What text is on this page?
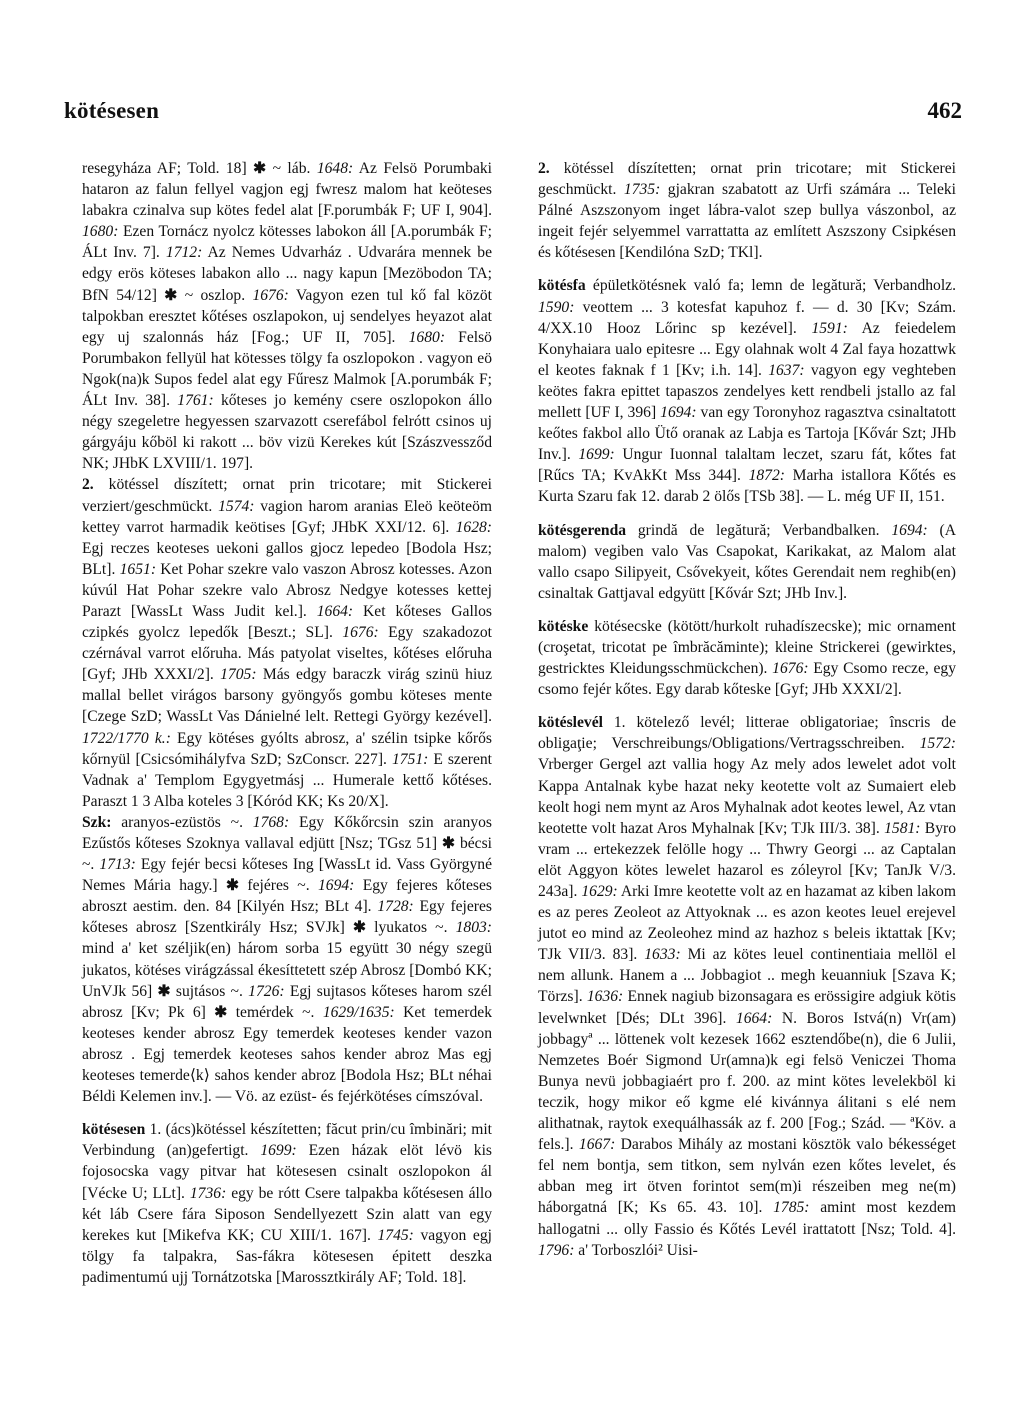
kötésesen	462

resegyháza AF; Told. 18] ✱ ~ láb. 1648: Az Felsö Porumbaki hataron az falun fellyel vagjon egj fwresz malom hat keöteses labakra czinalva sup kötes fedel alat [F.porumbák F; UF I, 904]. 1680: Ezen Tornácz nyolcz kötesses labokon áll [A.porumbák F; ÁLt Inv. 7]. 1712: Az Nemes Udvarház . Udvarára mennek be edgy erös köteses labakon allo ... nagy kapun [Mezöbodon TA; BfN 54/12] ✱ ~ oszlop. 1676: Vagyon ezen tul kő fal közöt talpokban eresztet kőtéses oszlapokon, uj sendelyes heyazot alat egy uj szalonnás ház [Fog.; UF II, 705]. 1680: Felsö Porumbakon fellyül hat kötesses tölgy fa oszlopokon . vagyon eö Ngok(na)k Supos fedel alat egy Fűresz Malmok [A.porumbák F; ÁLt Inv. 38]. 1761: kőteses jo kemény csere oszlopokon állo négy szegeletre hegyessen szarvazott cserefábol felrótt csinos uj gárgyáju kőböl ki rakott ... böv vizü Kerekes kút [Szászvessződ NK; JHbK LXVIII/1. 197].

2. kötéssel díszített; ornat prin tricotare; mit Stickerei verziert/geschmückt. 1574: vagion harom aranias Eleö keöteöm kettey varrot harmadik keötises [Gyf; JHbK XXI/12. 6]. 1628: Egj reczes keoteses uekoni gallos gjocz lepedeo [Bodola Hsz; BLt]. 1651: Ket Pohar szekre valo vaszon Abrosz kotesses. Azon kúvúl Hat Pohar szekre valo Abrosz Nedgye kotesses kettej Parazt [WassLt Wass Judit kel.]. 1664: Ket kőteses Gallos czipkés gyolcz lepedők [Beszt.; SL]. 1676: Egy szakadozot czérnával varrot előruha. Más patyolat viseltes, kőtéses előruha [Gyf; JHb XXXI/2]. 1705: Más edgy baraczk virág szinü hiuz mallal bellet virágos barsony gyöngyős gombu köteses mente [Czege SzD; WassLt Vas Dánielné lelt. Rettegi György kezével]. 1722/1770 k.: Egy kötéses gyólts abrosz, a' szélin tsipke kőrős kőrnyül [Csicsómihályfva SzD; SzConscr. 227]. 1751: E szerent Vadnak a' Templom Egygyetmásj ... Humerale kettő kőtéses. Paraszt 1 3 Alba koteles 3 [Kóród KK; Ks 20/X].

Szk: aranyos-ezüstös ~. 1768: Egy Kőkőrcsin szin aranyos Ezűstős kőteses Szoknya vallaval edjütt [Nsz; TGsz 51] ✱ bécsi ~. 1713: Egy fejér becsi kőteses Ing [WassLt id. Vass Györgyné Nemes Mária hagy.] ✱ fejéres ~. 1694: Egy fejeres kőteses abroszt aestim. den. 84 [Kilyén Hsz; BLt 4]. 1728: Egy fejeres kőteses abrosz [Szentkirály Hsz; SVJk] ✱ lyukatos ~. 1803: mind a' ket széljik(en) három sorba 15 együtt 30 négy szegü jukatos, kötéses virágzással ékesíttetett szép Abrosz [Dombó KK; UnVJk 56] ✱ sujtásos ~. 1726: Egj sujtasos kőteses harom szél abrosz [Kv; Pk 6] ✱ temérdek ~. 1629/1635: Ket temerdek keoteses kender abrosz Egy temerdek keoteses kender vazon abrosz . Egj temerdek keoteses sahos kender abroz Mas egj keoteses temerde⟨k⟩ sahos kender abroz [Bodola Hsz; BLt néhai Béldi Kelemen inv.]. — Vö. az ezüst- és fejérkötéses címszóval.

kötésesen 1. (ács)kötéssel készítetten; făcut prin/cu îmbinări; mit Verbindung (an)gefertigt. 1699: Ezen házak elöt lévö kis fojosocska vagy pitvar hat kötesesen csinalt oszlopokon ál [Vécke U; LLt]. 1736: egy be rótt Csere talpakba kőtésesen állo két láb Csere fára Siposon Sendellyezett Szin alatt van egy kerekes kut [Mikefva KK; CU XIII/1. 167]. 1745: vagyon egj tölgy fa talpakra, Sas-fákra kötesesen épitett deszka padimentumú ujj Tornátzotska [Marossztkirály AF; Told. 18].

2. kötéssel díszítetten; ornat prin tricotare; mit Stickerei geschmückt. 1735: gjakran szabatott az Urfi számára ... Teleki Pálné Aszszonyom inget lábra-valot szep bullya vászonbol, az ingeit fejér selyemmel varrattatta az említett Aszszony Csipkésen és kőtésesen [Kendilóna SzD; TKl].

kötésfa épületkötésnek való fa; lemn de legătură; Verbandholz. 1590: veottem ... 3 kotesfat kapuhoz f. — d. 30 [Kv; Szám. 4/XX.10 Hooz Lőrinc sp kezével]. 1591: Az feiedelem Konyhaiara ualo epitesre ... Egy olahnak wolt 4 Zal faya hozattwk el keotes faknak f 1 [Kv; i.h. 14]. 1637: vagyon egy veghteben keötes fakra epittet tapaszos zendelyes kett rendbeli jstallo az fal mellett [UF I, 396] 1694: van egy Toronyhoz ragasztva csinaltatott keőtes fakbol allo Ütő oranak az Labja es Tartoja [Kővár Szt; JHb Inv.]. 1699: Ungur Iuonnal talaltam leczet, szaru fát, kőtes fat [Rűcs TA; KvAkKt Mss 344]. 1872: Marha istallora Kőtés es Kurta Szaru fak 12. darab 2 ölős [TSb 38]. — L. még UF II, 151.

kötésgerenda grindă de legătură; Verbandbalken. 1694: (A malom) vegiben valo Vas Csapokat, Karikakat, az Malom alat vallo csapo Silipyeit, Csővekyeit, kőtes Gerendait nem reghib(en) csinaltak Gattjaval edgyütt [Kővár Szt; JHb Inv.].

kötéske kötésecske (kötött/hurkolt ruhadíszecske); mic ornament (croşetat, tricotat pe îmbrăcăminte); kleine Strickerei (gewirktes, gestricktes Kleidungsschmückchen). 1676: Egy Csomo recze, egy csomo fejér kőtes. Egy darab kőteske [Gyf; JHb XXXI/2].

kötéslevél 1. kötelező levél; litterae obligatoriae; înscris de obligaţie; Verschreibungs/Obligations/Vertragsschreiben. 1572: Vrberger Gergel azt vallia hogy Az mely ados lewelet adot volt Kappa Antalnak kybe hazat neky keotette volt az Sumaiert eleb keolt hogi nem mynt az Aros Myhalnak adot keotes lewel, Az vtan keotette volt hazat Aros Myhalnak [Kv; TJk III/3. 38]. 1581: Byro vram ... ertekezzek felölle hogy ... Thwry Georgi ... az Captalan elöt Aggyon kötes lewelet hazarol es zóleyrol [Kv; TanJk V/3. 243a]. 1629: Arki Imre keotette volt az en hazamat az kiben lakom es az peres Zeoleot az Attyoknak ... es azon keotes leuel erejevel jutot eo mind az Zeoleohez mind az hazhoz s beleis iktattak [Kv; TJk VII/3. 83]. 1633: Mi az kötes leuel continentiaia mellöl el nem allunk. Hanem a ... Jobbagiot .. megh keuanniuk [Szava K; Törzs]. 1636: Ennek nagiub bizonsagara es erössigire adgiuk kötis levelwnket [Dés; DLt 396]. 1664: N. Boros Istvá(n) Vr(am) jobbagyª ... löttenek volt kezesek 1662 esztendőbe(n), die 6 Julii, Nemzetes Boér Sigmond Ur(amna)k egi felsö Veniczei Thoma Bunya nevü jobbagiaért pro f. 200. az mint kötes levelekböl ki teczik, hogy mikor eő kgme elé kivánnya álitani s elé nem alithatnak, raytok exequálhassák az f. 200 [Fog.; Szád. — ªKöv. a fels.]. 1667: Darabos Mihály az mostani kösztök valo békességet fel nem bontja, sem titkon, sem nylván ezen kőtes levelet, és abban meg irt ötven forintot sem(m)i részeiben meg ne(m) háborgatná [K; Ks 65. 43. 10]. 1785: amint most kezdem hallogatni ... olly Fassio és Kőtés Levél irattatott [Nsz; Told. 4]. 1796: a' Torboszlói² Uisi-
